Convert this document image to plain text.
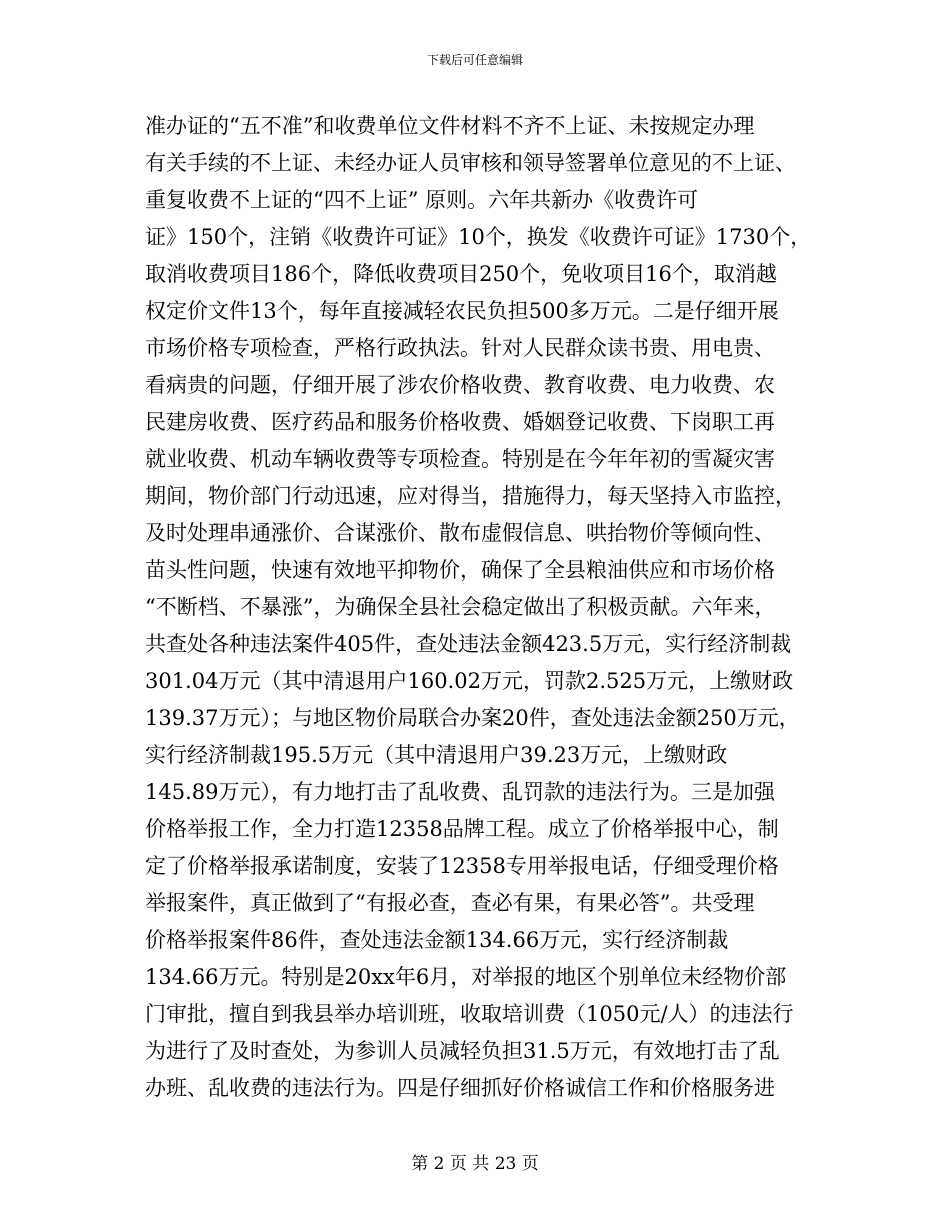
下载后可任意编辑
准办证的“五不准”和收费单位文件材料不齐不上证、未按规定办理
有关手续的不上证、未经办证人员审核和领导签署单位意见的不上证、
重复收费不上证的“四不上证” 原则。六年共新办《收费许可
证》150个，注销《收费许可证》10个，换发《收费许可证》1730个，
取消收费项目186个，降低收费项目250个，免收项目16个，取消越
权定价文件13个，每年直接减轻农民负担500多万元。二是仔细开展
市场价格专项检查，严格行政执法。针对人民群众读书贵、用电贵、
看病贵的问题，仔细开展了涉农价格收费、教育收费、电力收费、农
民建房收费、医疗药品和服务价格收费、婚姻登记收费、下岗职工再
就业收费、机动车辆收费等专项检查。特别是在今年年初的雪凝灾害
期间，物价部门行动迅速，应对得当，措施得力，每天坚持入市监控，
及时处理串通涨价、合谋涨价、散布虚假信息、哄抬物价等倾向性、
苗头性问题，快速有效地平抑物价，确保了全县粮油供应和市场价格
“不断档、不暴涨”，为确保全县社会稳定做出了积极贡献。六年来，
共查处各种违法案件405件，查处违法金额423.5万元，实行经济制裁
301.04万元（其中清退用户160.02万元，罚款2.525万元，上缴财政
139.37万元）；与地区物价局联合办案20件，查处违法金额250万元，
实行经济制裁195.5万元（其中清退用户39.23万元，上缴财政
145.89万元），有力地打击了乱收费、乱罚款的违法行为。三是加强
价格举报工作，全力打造12358品牌工程。成立了价格举报中心，制
定了价格举报承诺制度，安装了12358专用举报电话，仔细受理价格
举报案件，真正做到了“有报必查，查必有果，有果必答”。共受理
价格举报案件86件，查处违法金额134.66万元，实行经济制裁
134.66万元。特别是20xx年6月，对举报的地区个别单位未经物价部
门审批，擅自到我县举办培训班，收取培训费（1050元/人）的违法行
为进行了及时查处，为参训人员减轻负担31.5万元，有效地打击了乱
办班、乱收费的违法行为。四是仔细抓好价格诚信工作和价格服务进
第 2 页 共 23 页
